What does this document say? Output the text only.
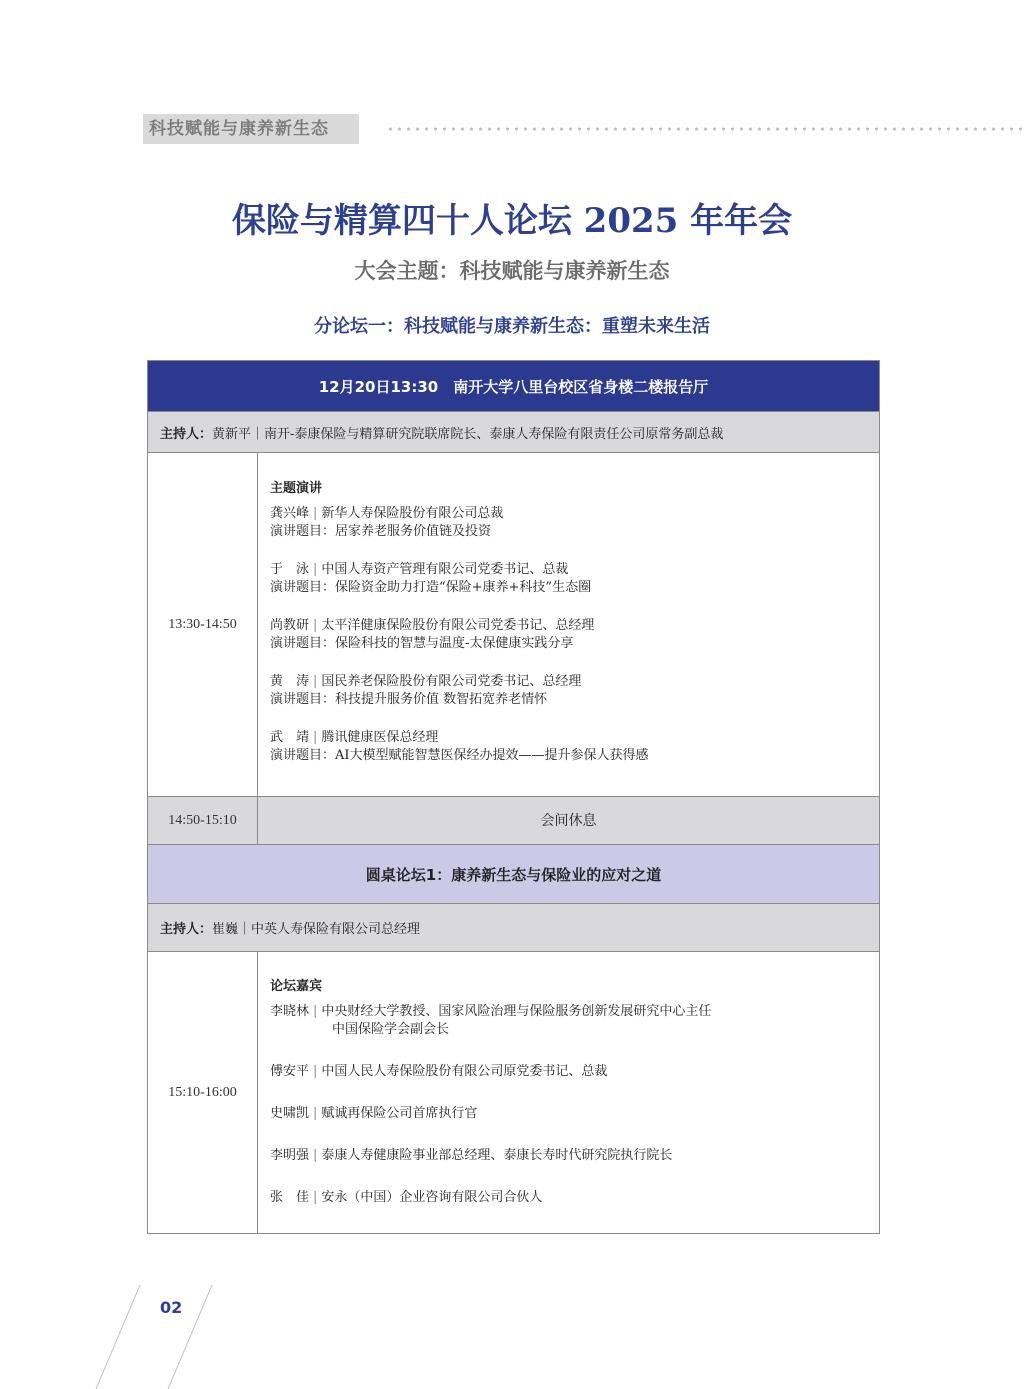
科技赋能与康养新生态
保险与精算四十人论坛 2025 年年会
大会主题：科技赋能与康养新生态
分论坛一：科技赋能与康养新生态：重塑未来生活
12月20日13:30　南开大学八里台校区省身楼二楼报告厅
主持人： 黄新平｜南开-泰康保险与精算研究院联席院长、泰康人寿保险有限责任公司原常务副总裁
13:30-14:50
主题演讲
龚兴峰 | 新华人寿保险股份有限公司总裁
演讲题目：居家养老服务价值链及投资
于　泳 | 中国人寿资产管理有限公司党委书记、总裁
演讲题目：保险资金助力打造“保险+康养+科技”生态圈
尚教研 | 太平洋健康保险股份有限公司党委书记、总经理
演讲题目：保险科技的智慧与温度-太保健康实践分享
黄　涛 | 国民养老保险股份有限公司党委书记、总经理
演讲题目：科技提升服务价值 数智拓宽养老情怀
武　靖 | 腾讯健康医保总经理
演讲题目：AI大模型赋能智慧医保经办提效——提升参保人获得感
14:50-15:10	会间休息
圆桌论坛1：康养新生态与保险业的应对之道
主持人： 崔巍｜中英人寿保险有限公司总经理
15:10-16:00
论坛嘉宾
李晓林 | 中央财经大学教授、国家风险治理与保险服务创新发展研究中心主任
中国保险学会副会长
傅安平 | 中国人民人寿保险股份有限公司原党委书记、总裁
史啸凯 | 赋诚再保险公司首席执行官
李明强 | 泰康人寿健康险事业部总经理、泰康长寿时代研究院执行院长
张　佳 | 安永（中国）企业咨询有限公司合伙人
02
